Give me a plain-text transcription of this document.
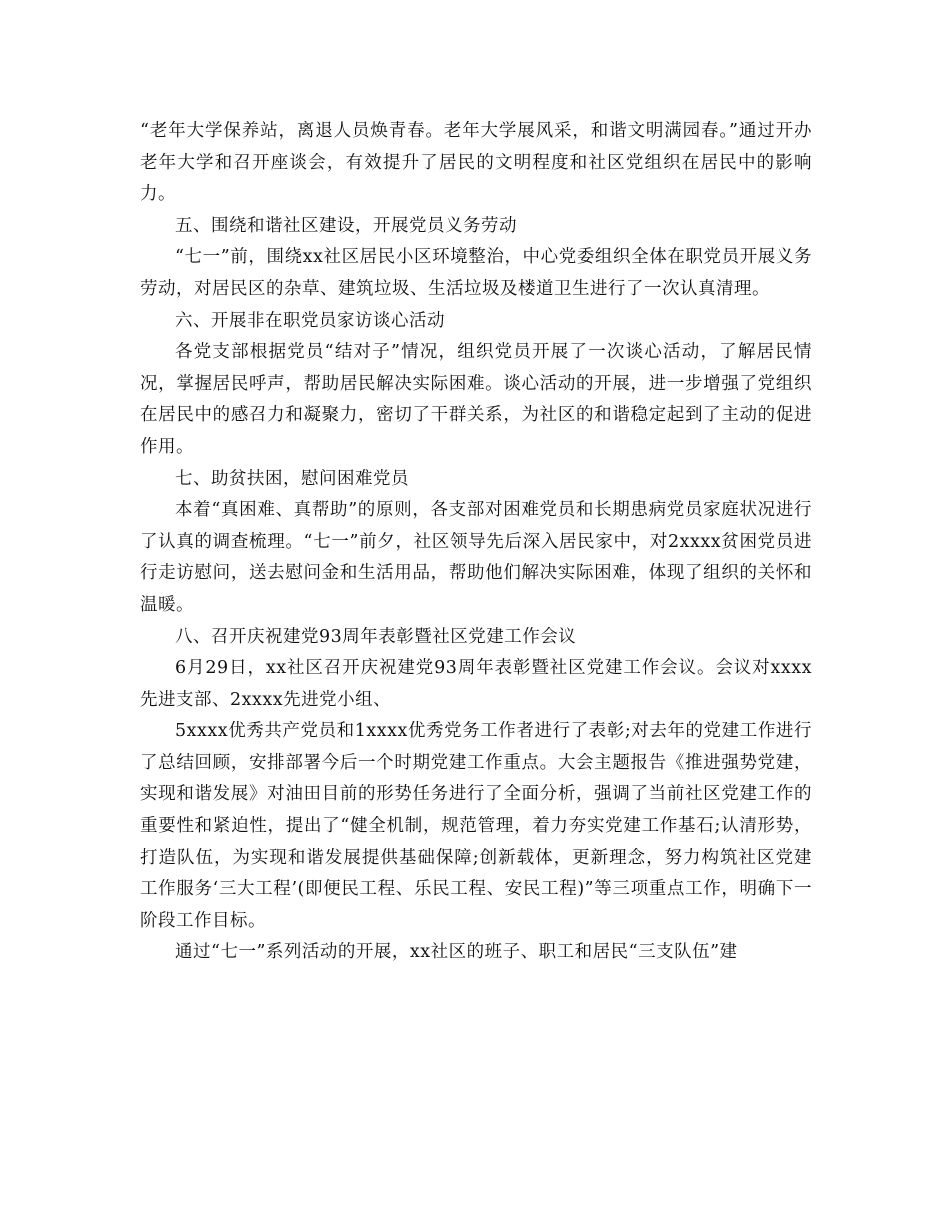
“老年大学保养站，离退人员焕青春。老年大学展风采，和谐文明满园春。”通过开办老年大学和召开座谈会，有效提升了居民的文明程度和社区党组织在居民中的影响力。

五、围绕和谐社区建设，开展党员义务劳动

“七一”前，围绕xx社区居民小区环境整治，中心党委组织全体在职党员开展义务劳动，对居民区的杂草、建筑垃圾、生活垃圾及楼道卫生进行了一次认真清理。

六、开展非在职党员家访谈心活动

各党支部根据党员“结对子”情况，组织党员开展了一次谈心活动，了解居民情况，掌握居民呼声，帮助居民解决实际困难。谈心活动的开展，进一步增强了党组织在居民中的感召力和凝聚力，密切了干群关系，为社区的和谐稳定起到了主动的促进作用。

七、助贫扶困，慰问困难党员

本着“真困难、真帮助”的原则，各支部对困难党员和长期患病党员家庭状况进行了认真的调查梳理。“七一”前夕，社区领导先后深入居民家中，对2xxxx贫困党员进行走访慰问，送去慰问金和生活用品，帮助他们解决实际困难，体现了组织的关怀和温暖。

八、召开庆祝建党93周年表彰暨社区党建工作会议

6月29日，xx社区召开庆祝建党93周年表彰暨社区党建工作会议。会议对xxxx先进支部、2xxxx先进党小组、

5xxxx优秀共产党员和1xxxx优秀党务工作者进行了表彰;对去年的党建工作进行了总结回顾，安排部署今后一个时期党建工作重点。大会主题报告《推进强势党建，实现和谐发展》对油田目前的形势任务进行了全面分析，强调了当前社区党建工作的重要性和紧迫性，提出了“健全机制，规范管理，着力夯实党建工作基石;认清形势，打造队伍，为实现和谐发展提供基础保障;创新载体，更新理念，努力构筑社区党建工作服务‘三大工程’(即便民工程、乐民工程、安民工程)”等三项重点工作，明确下一阶段工作目标。

通过“七一”系列活动的开展，xx社区的班子、职工和居民“三支队伍”建
